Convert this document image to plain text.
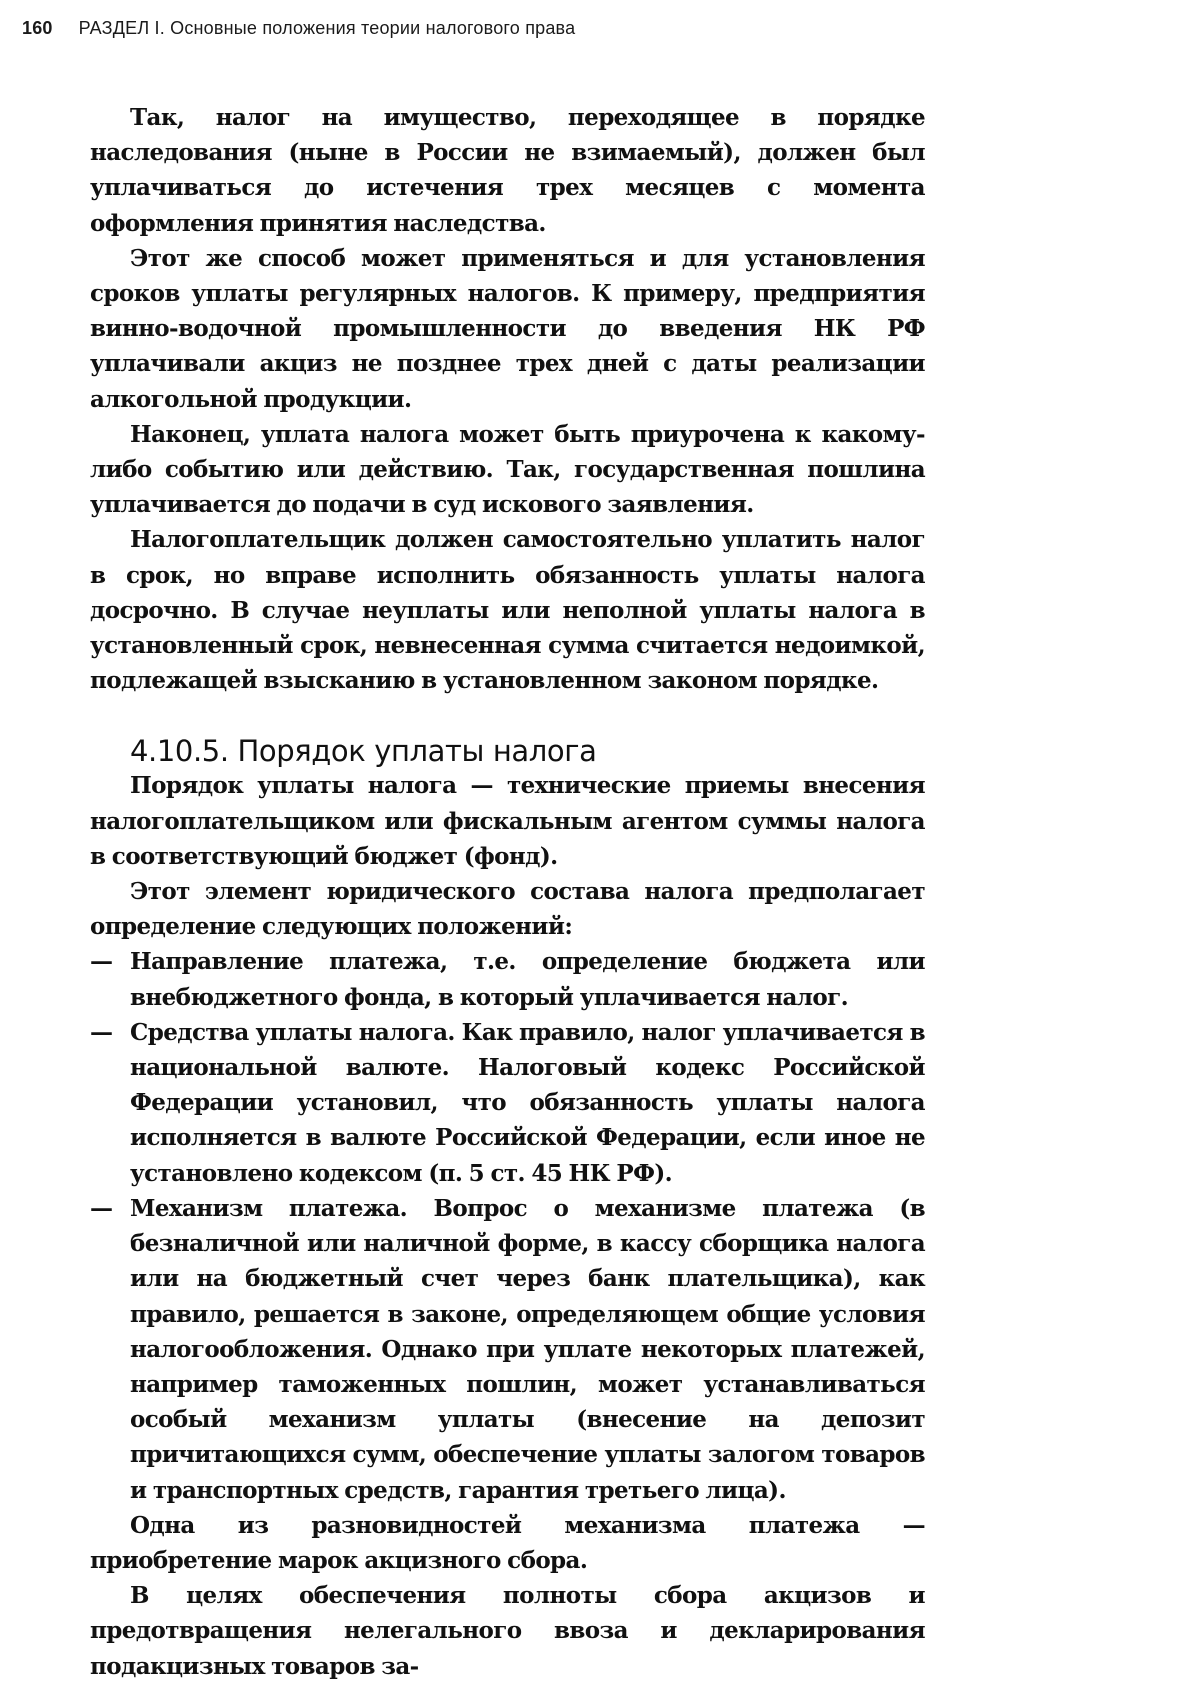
160 РАЗДЕЛ I. Основные положения теории налогового права

Так, налог на имущество, переходящее в порядке наследования (ныне в России не взимаемый), должен был уплачиваться до истечения трех месяцев с момента оформления принятия наследства.

Этот же способ может применяться и для установления сроков уплаты регулярных налогов. К примеру, предприятия винно-водочной промышленности до введения НК РФ уплачивали акциз не позднее трех дней с даты реализации алкогольной продукции.

Наконец, уплата налога может быть приурочена к какому-либо событию или действию. Так, государственная пошлина уплачивается до подачи в суд искового заявления.

Налогоплательщик должен самостоятельно уплатить налог в срок, но вправе исполнить обязанность уплаты налога досрочно. В случае неуплаты или неполной уплаты налога в установленный срок, невнесенная сумма считается недоимкой, подлежащей взысканию в установленном законом порядке.

4.10.5. Порядок уплаты налога

Порядок уплаты налога — технические приемы внесения налогоплательщиком или фискальным агентом суммы налога в соответствующий бюджет (фонд).

Этот элемент юридического состава налога предполагает определение следующих положений:

— Направление платежа, т.е. определение бюджета или внебюджетного фонда, в который уплачивается налог.

— Средства уплаты налога. Как правило, налог уплачивается в национальной валюте. Налоговый кодекс Российской Федерации установил, что обязанность уплаты налога исполняется в валюте Российской Федерации, если иное не установлено кодексом (п. 5 ст. 45 НК РФ).

— Механизм платежа. Вопрос о механизме платежа (в безналичной или наличной форме, в кассу сборщика налога или на бюджетный счет через банк плательщика), как правило, решается в законе, определяющем общие условия налогообложения. Однако при уплате некоторых платежей, например таможенных пошлин, может устанавливаться особый механизм уплаты (внесение на депозит причитающихся сумм, обеспечение уплаты залогом товаров и транспортных средств, гарантия третьего лица).

Одна из разновидностей механизма платежа — приобретение марок акцизного сбора.

В целях обеспечения полноты сбора акцизов и предотвращения нелегального ввоза и декларирования подакцизных товаров за-
